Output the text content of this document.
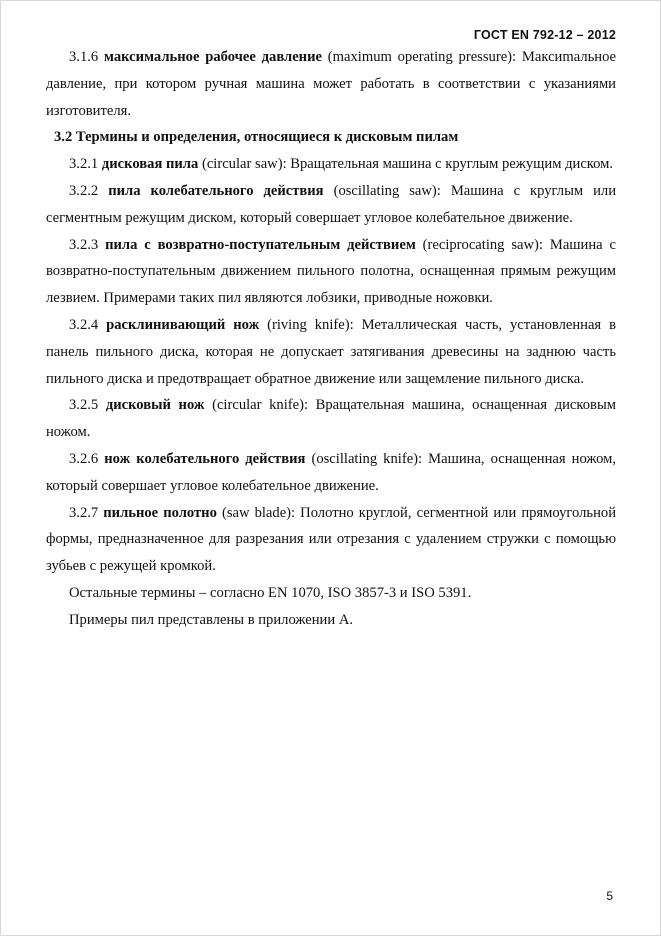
ГОСТ EN 792-12 – 2012

3.1.6 максимальное рабочее давление (maximum operating pressure): Максиmальное давление, при котором ручная машина может работать в соответствии с указаниями изготовителя.

3.2 Термины и определения, относящиеся к дисковым пилам

3.2.1 дисковая пила (circular saw): Вращательная машина с круглым режущим диском.

3.2.2 пила колебательного действия (oscillating saw): Машина с круглым или сегментным режущим диском, который совершает угловое колебательное движение.

3.2.3 пила с возвратно-поступательным действием (reciprocating saw): Машина с возвратно-поступательным движением пильного полотна, оснащенная прямым режущим лезвием. Примерами таких пил являются лобзики, приводные ножовки.

3.2.4 расклинивающий нож (riving knife): Металлическая часть, установленная в панель пильного диска, которая не допускает затягивания древесины на заднюю часть пильного диска и предотвращает обратное движение или защемление пильного диска.

3.2.5 дисковый нож (circular knife): Вращательная машина, оснащенная дисковым ножом.

3.2.6 нож колебательного действия (oscillating knife): Машина, оснащенная ножом, который совершает угловое колебательное движение.

3.2.7 пильное полотно (saw blade): Полотно круглой, сегментной или прямоугольной формы, предназначенное для разрезания или отрезания с удалением стружки с помощью зубьев с режущей кромкой.

Остальные термины – согласно EN 1070, ISO 3857-3 и ISO 5391.

Примеры пил представлены в приложении А.

5
